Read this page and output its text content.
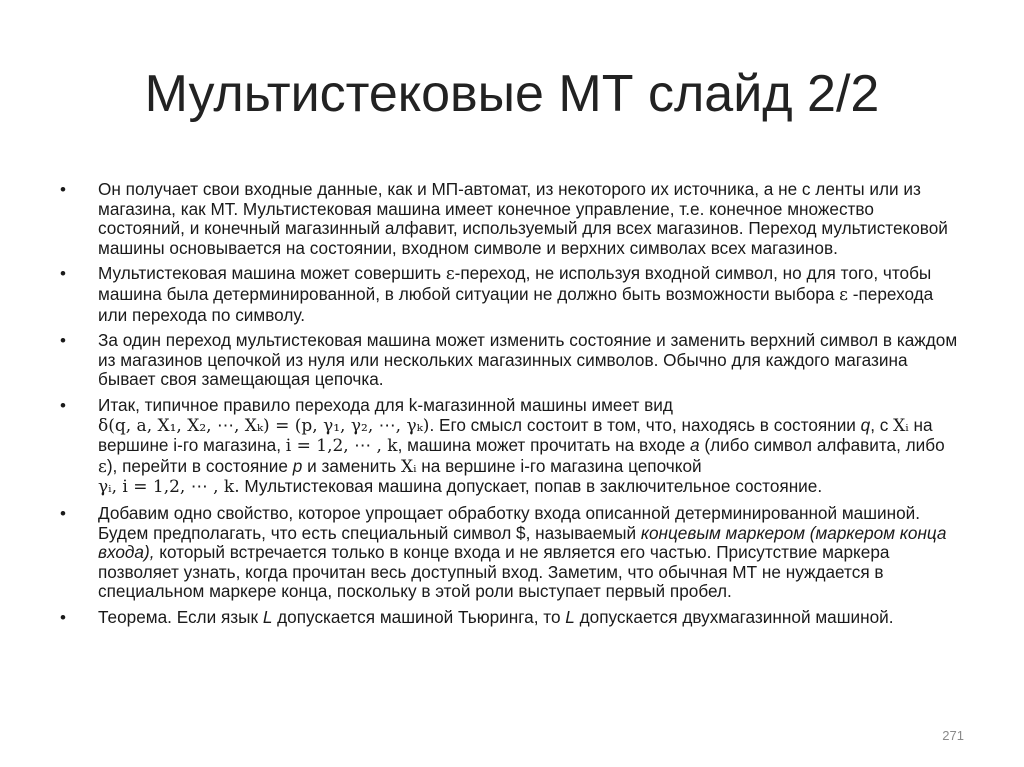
Мультистековые МТ слайд 2/2
•	Он получает свои входные данные, как и МП-автомат, из некоторого их источника, а не с ленты или из магазина, как МТ. Мультистековая машина имеет конечное управление, т.е. конечное множество состояний, и конечный магазинный алфавит, используемый для всех магазинов. Переход мультистековой машины основывается на состоянии, входном символе и верхних символах всех магазинов.
•	Мультистековая машина может совершить ε-переход, не используя входной символ, но для того, чтобы машина была детерминированной, в любой ситуации не должно быть возможности выбора ε -перехода или перехода по символу.
•	За один переход мультистековая машина может изменить состояние и заменить верхний символ в каждом из магазинов цепочкой из нуля или нескольких магазинных символов. Обычно для каждого магазина бывает своя замещающая цепочка.
•	Итак, типичное правило перехода для k-магазинной машины имеет вид
δ(q, a, X₁, X₂, ⋯, Xₖ) = (p, γ₁, γ₂, ⋯, γₖ). Его смысл состоит в том, что, находясь в состоянии q, с Xᵢ на вершине i-го магазина, i = 1,2, ⋯ , k, машина может прочитать на входе a (либо символ алфавита, либо ε), перейти в состояние p и заменить Xᵢ на вершине i-го магазина цепочкой
γᵢ, i = 1,2, ⋯ , k. Мультистековая машина допускает, попав в заключительное состояние.
•	Добавим одно свойство, которое упрощает обработку входа описанной детерминированной машиной. Будем предполагать, что есть специальный символ $, называемый концевым маркером (маркером конца входа), который встречается только в конце входа и не является его частью. Присутствие маркера позволяет узнать, когда прочитан весь доступный вход. Заметим, что обычная МТ не нуждается в специальном маркере конца, поскольку в этой роли выступает первый пробел.
•	Теорема. Если язык L допускается машиной Тьюринга, то L допускается двухмагазинной машиной.
271
